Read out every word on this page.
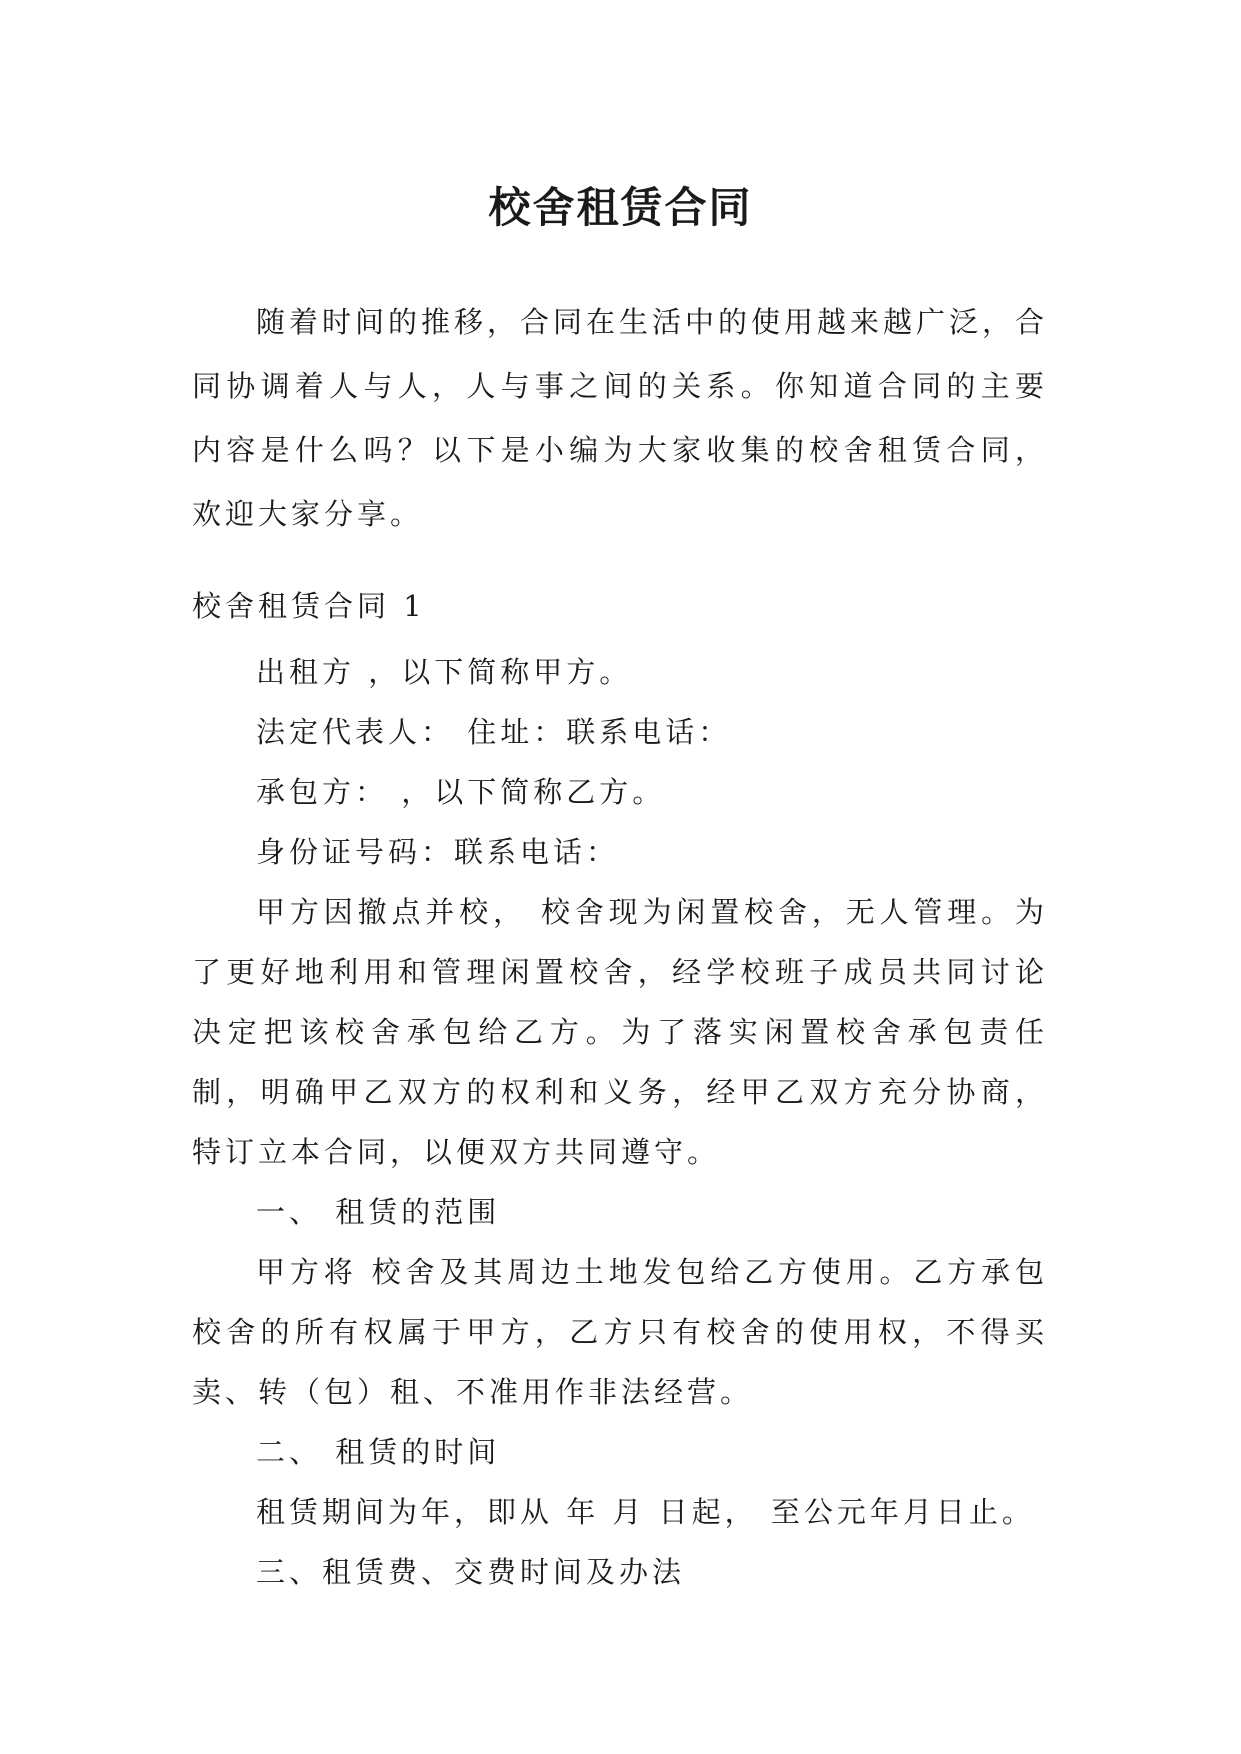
校舍租赁合同

随着时间的推移，合同在生活中的使用越来越广泛，合同协调着人与人，人与事之间的关系。你知道合同的主要内容是什么吗？以下是小编为大家收集的校舍租赁合同，欢迎大家分享。

校舍租赁合同 1

出租方 ，以下简称甲方。

法定代表人： 住址：联系电话：

承包方： ，以下简称乙方。

身份证号码：联系电话：

甲方因撤点并校， 校舍现为闲置校舍，无人管理。为了更好地利用和管理闲置校舍，经学校班子成员共同讨论决定把该校舍承包给乙方。为了落实闲置校舍承包责任制，明确甲乙双方的权利和义务，经甲乙双方充分协商，特订立本合同，以便双方共同遵守。

一、 租赁的范围

甲方将 校舍及其周边土地发包给乙方使用。乙方承包校舍的所有权属于甲方，乙方只有校舍的使用权，不得买卖、转（包）租、不准用作非法经营。

二、 租赁的时间

租赁期间为年，即从 年 月 日起， 至公元年月日止。

三、租赁费、交费时间及办法
